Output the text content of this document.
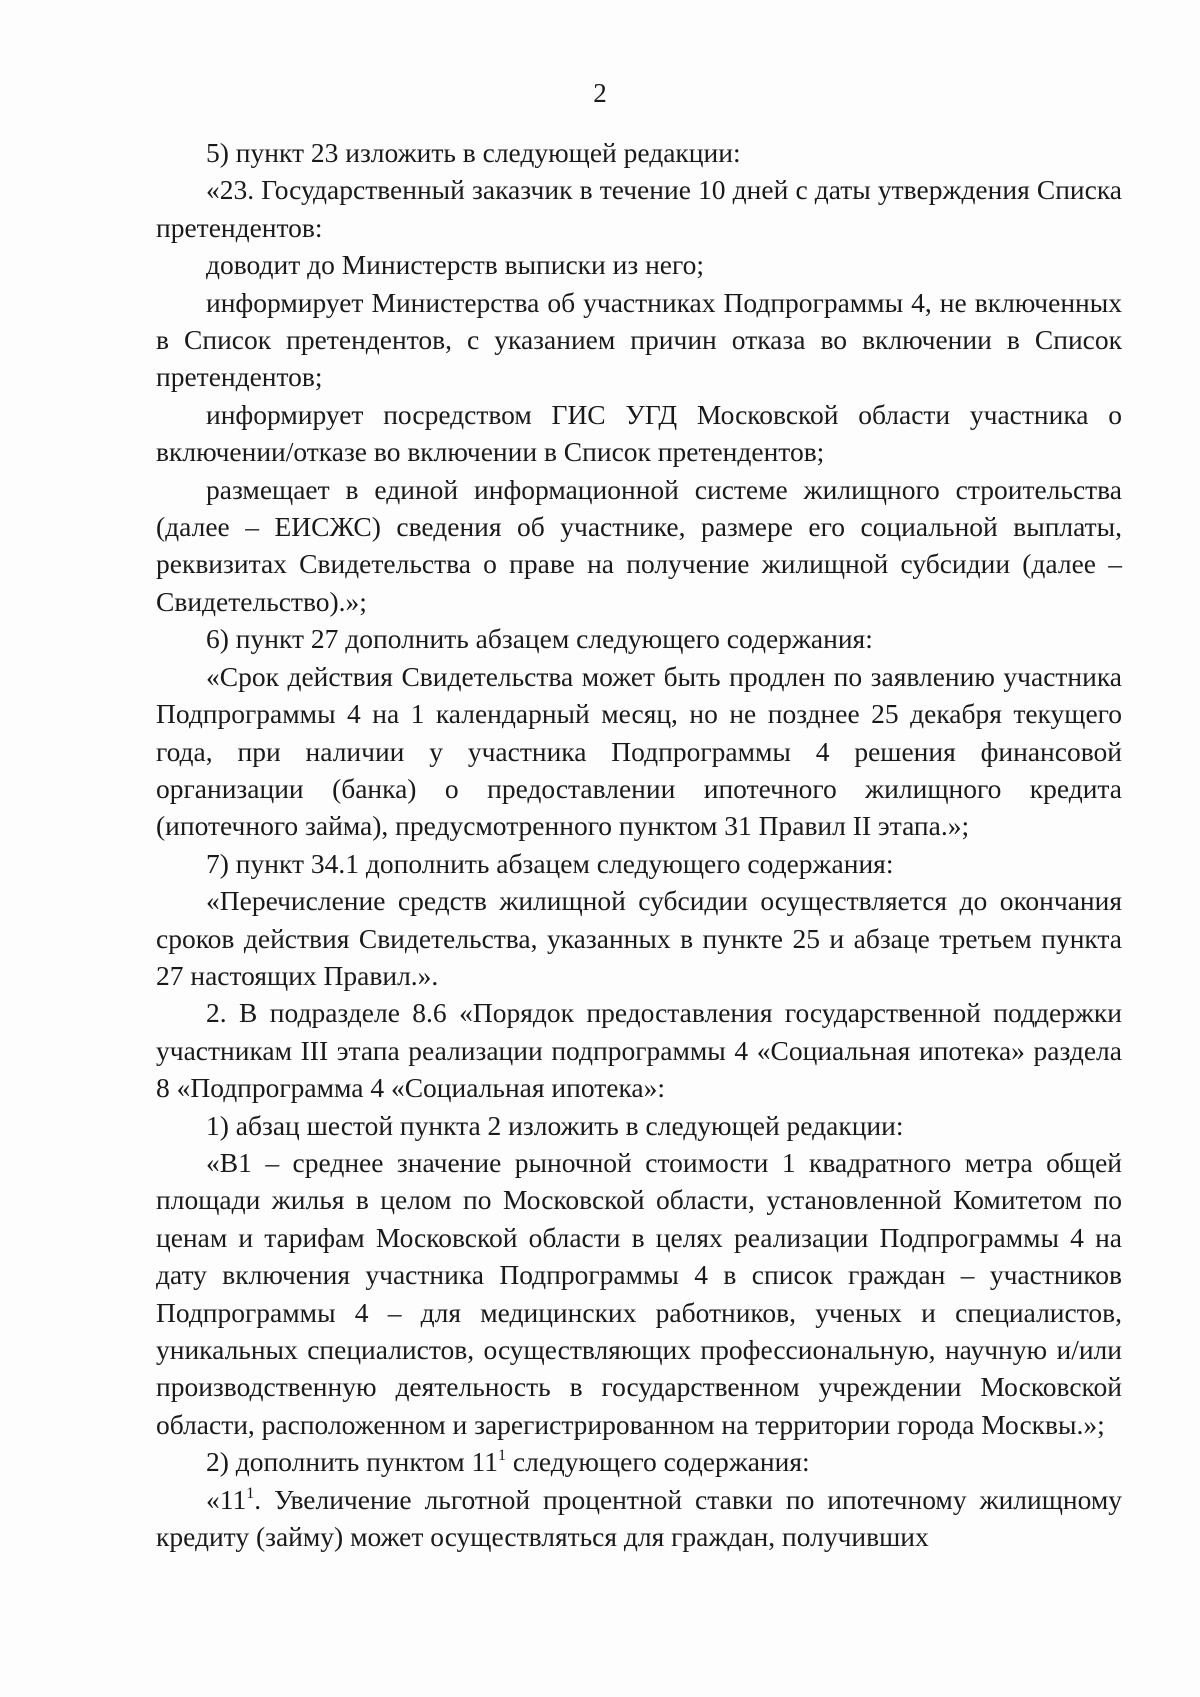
2

5) пункт 23 изложить в следующей редакции:

«23. Государственный заказчик в течение 10 дней с даты утверждения Списка претендентов:

доводит до Министерств выписки из него;

информирует Министерства об участниках Подпрограммы 4, не включенных в Список претендентов, с указанием причин отказа во включении в Список претендентов;

информирует посредством ГИС УГД Московской области участника о включении/отказе во включении в Список претендентов;

размещает в единой информационной системе жилищного строительства (далее – ЕИСЖС) сведения об участнике, размере его социальной выплаты, реквизитах Свидетельства о праве на получение жилищной субсидии (далее – Свидетельство).»;

6) пункт 27 дополнить абзацем следующего содержания:

«Срок действия Свидетельства может быть продлен по заявлению участника Подпрограммы 4 на 1 календарный месяц, но не позднее 25 декабря текущего года, при наличии у участника Подпрограммы 4 решения финансовой организации (банка) о предоставлении ипотечного жилищного кредита (ипотечного займа), предусмотренного пунктом 31 Правил II этапа.»;

7) пункт 34.1 дополнить абзацем следующего содержания:

«Перечисление средств жилищной субсидии осуществляется до окончания сроков действия Свидетельства, указанных в пункте 25 и абзаце третьем пункта 27 настоящих Правил.».

2. В подразделе 8.6 «Порядок предоставления государственной поддержки участникам III этапа реализации подпрограммы 4 «Социальная ипотека» раздела 8 «Подпрограмма 4 «Социальная ипотека»:

1) абзац шестой пункта 2 изложить в следующей редакции:

«В1 – среднее значение рыночной стоимости 1 квадратного метра общей площади жилья в целом по Московской области, установленной Комитетом по ценам и тарифам Московской области в целях реализации Подпрограммы 4 на дату включения участника Подпрограммы 4 в список граждан – участников Подпрограммы 4 – для медицинских работников, ученых и специалистов, уникальных специалистов, осуществляющих профессиональную, научную и/или производственную деятельность в государственном учреждении Московской области, расположенном и зарегистрированном на территории города Москвы.»;

2) дополнить пунктом $11^1$ следующего содержания:

«$11^1$. Увеличение льготной процентной ставки по ипотечному жилищному кредиту (займу) может осуществляться для граждан, получивших
